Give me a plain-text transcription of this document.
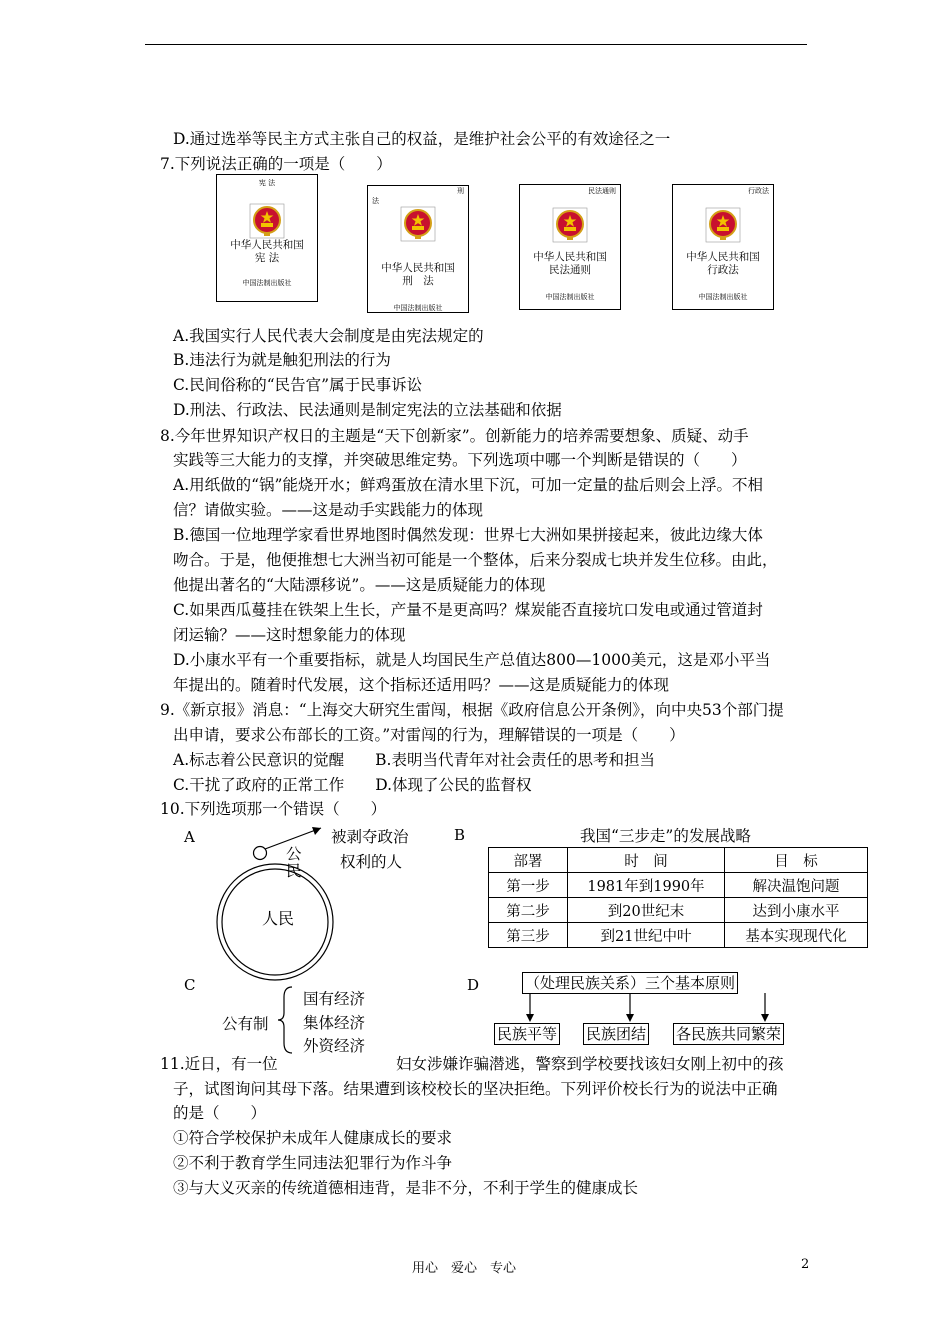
D.通过选举等民主方式主张自己的权益，是维护社会公平的有效途径之一
7.下列说法正确的一项是（　　）
宪 法
中华人民共和国
宪 法
中国法制出版社
法
刑
中华人民共和国
刑　法
中国法制出版社
民法通则
中华人民共和国
民法通则
中国法制出版社
行政法
中华人民共和国
行政法
中国法制出版社
A.我国实行人民代表大会制度是由宪法规定的
B.违法行为就是触犯刑法的行为
C.民间俗称的“民告官”属于民事诉讼
D.刑法、行政法、民法通则是制定宪法的立法基础和依据
8.今年世界知识产权日的主题是“天下创新家”。创新能力的培养需要想象、质疑、动手
实践等三大能力的支撑，并突破思维定势。下列选项中哪一个判断是错误的（　　）
A.用纸做的“锅”能烧开水；鲜鸡蛋放在清水里下沉，可加一定量的盐后则会上浮。不相
信？请做实验。——这是动手实践能力的体现
B.德国一位地理学家看世界地图时偶然发现：世界七大洲如果拼接起来，彼此边缘大体
吻合。于是，他便推想七大洲当初可能是一个整体，后来分裂成七块并发生位移。由此，
他提出著名的“大陆漂移说”。——这是质疑能力的体现
C.如果西瓜蔓挂在铁架上生长，产量不是更高吗？煤炭能否直接坑口发电或通过管道封
闭运输？——这时想象能力的体现
D.小康水平有一个重要指标，就是人均国民生产总值达800—1000美元，这是邓小平当
年提出的。随着时代发展，这个指标还适用吗？——这是质疑能力的体现
9.《新京报》消息：“上海交大研究生雷闯，根据《政府信息公开条例》，向中央53个部门提
出申请，要求公布部长的工资。”对雷闯的行为，理解错误的一项是（　　）
A.标志着公民意识的觉醒　　B.表明当代青年对社会责任的思考和担当
C.干扰了政府的正常工作　　D.体现了公民的监督权
10.下列选项那一个错误（　　）
A	被剥夺政治
权利的人
公民
人民
B	我国“三步走”的发展战略
部署	时　间	目　标
第一步	1981年到1990年	解决温饱问题
第二步	到20世纪末	达到小康水平
第三步	到21世纪中叶	基本实现现代化
C
公有制
国有经济
集体经济
外资经济
D	（处理民族关系）三个基本原则
民族平等 民族团结 各民族共同繁荣
11.近日，有一位	妇女涉嫌诈骗潜逃，警察到学校要找该妇女刚上初中的孩
子，试图询问其母下落。结果遭到该校校长的坚决拒绝。下列评价校长行为的说法中正确
的是（　　）
①符合学校保护未成年人健康成长的要求
②不利于教育学生同违法犯罪行为作斗争
③与大义灭亲的传统道德相违背，是非不分，不利于学生的健康成长
用心　爱心　专心	2
